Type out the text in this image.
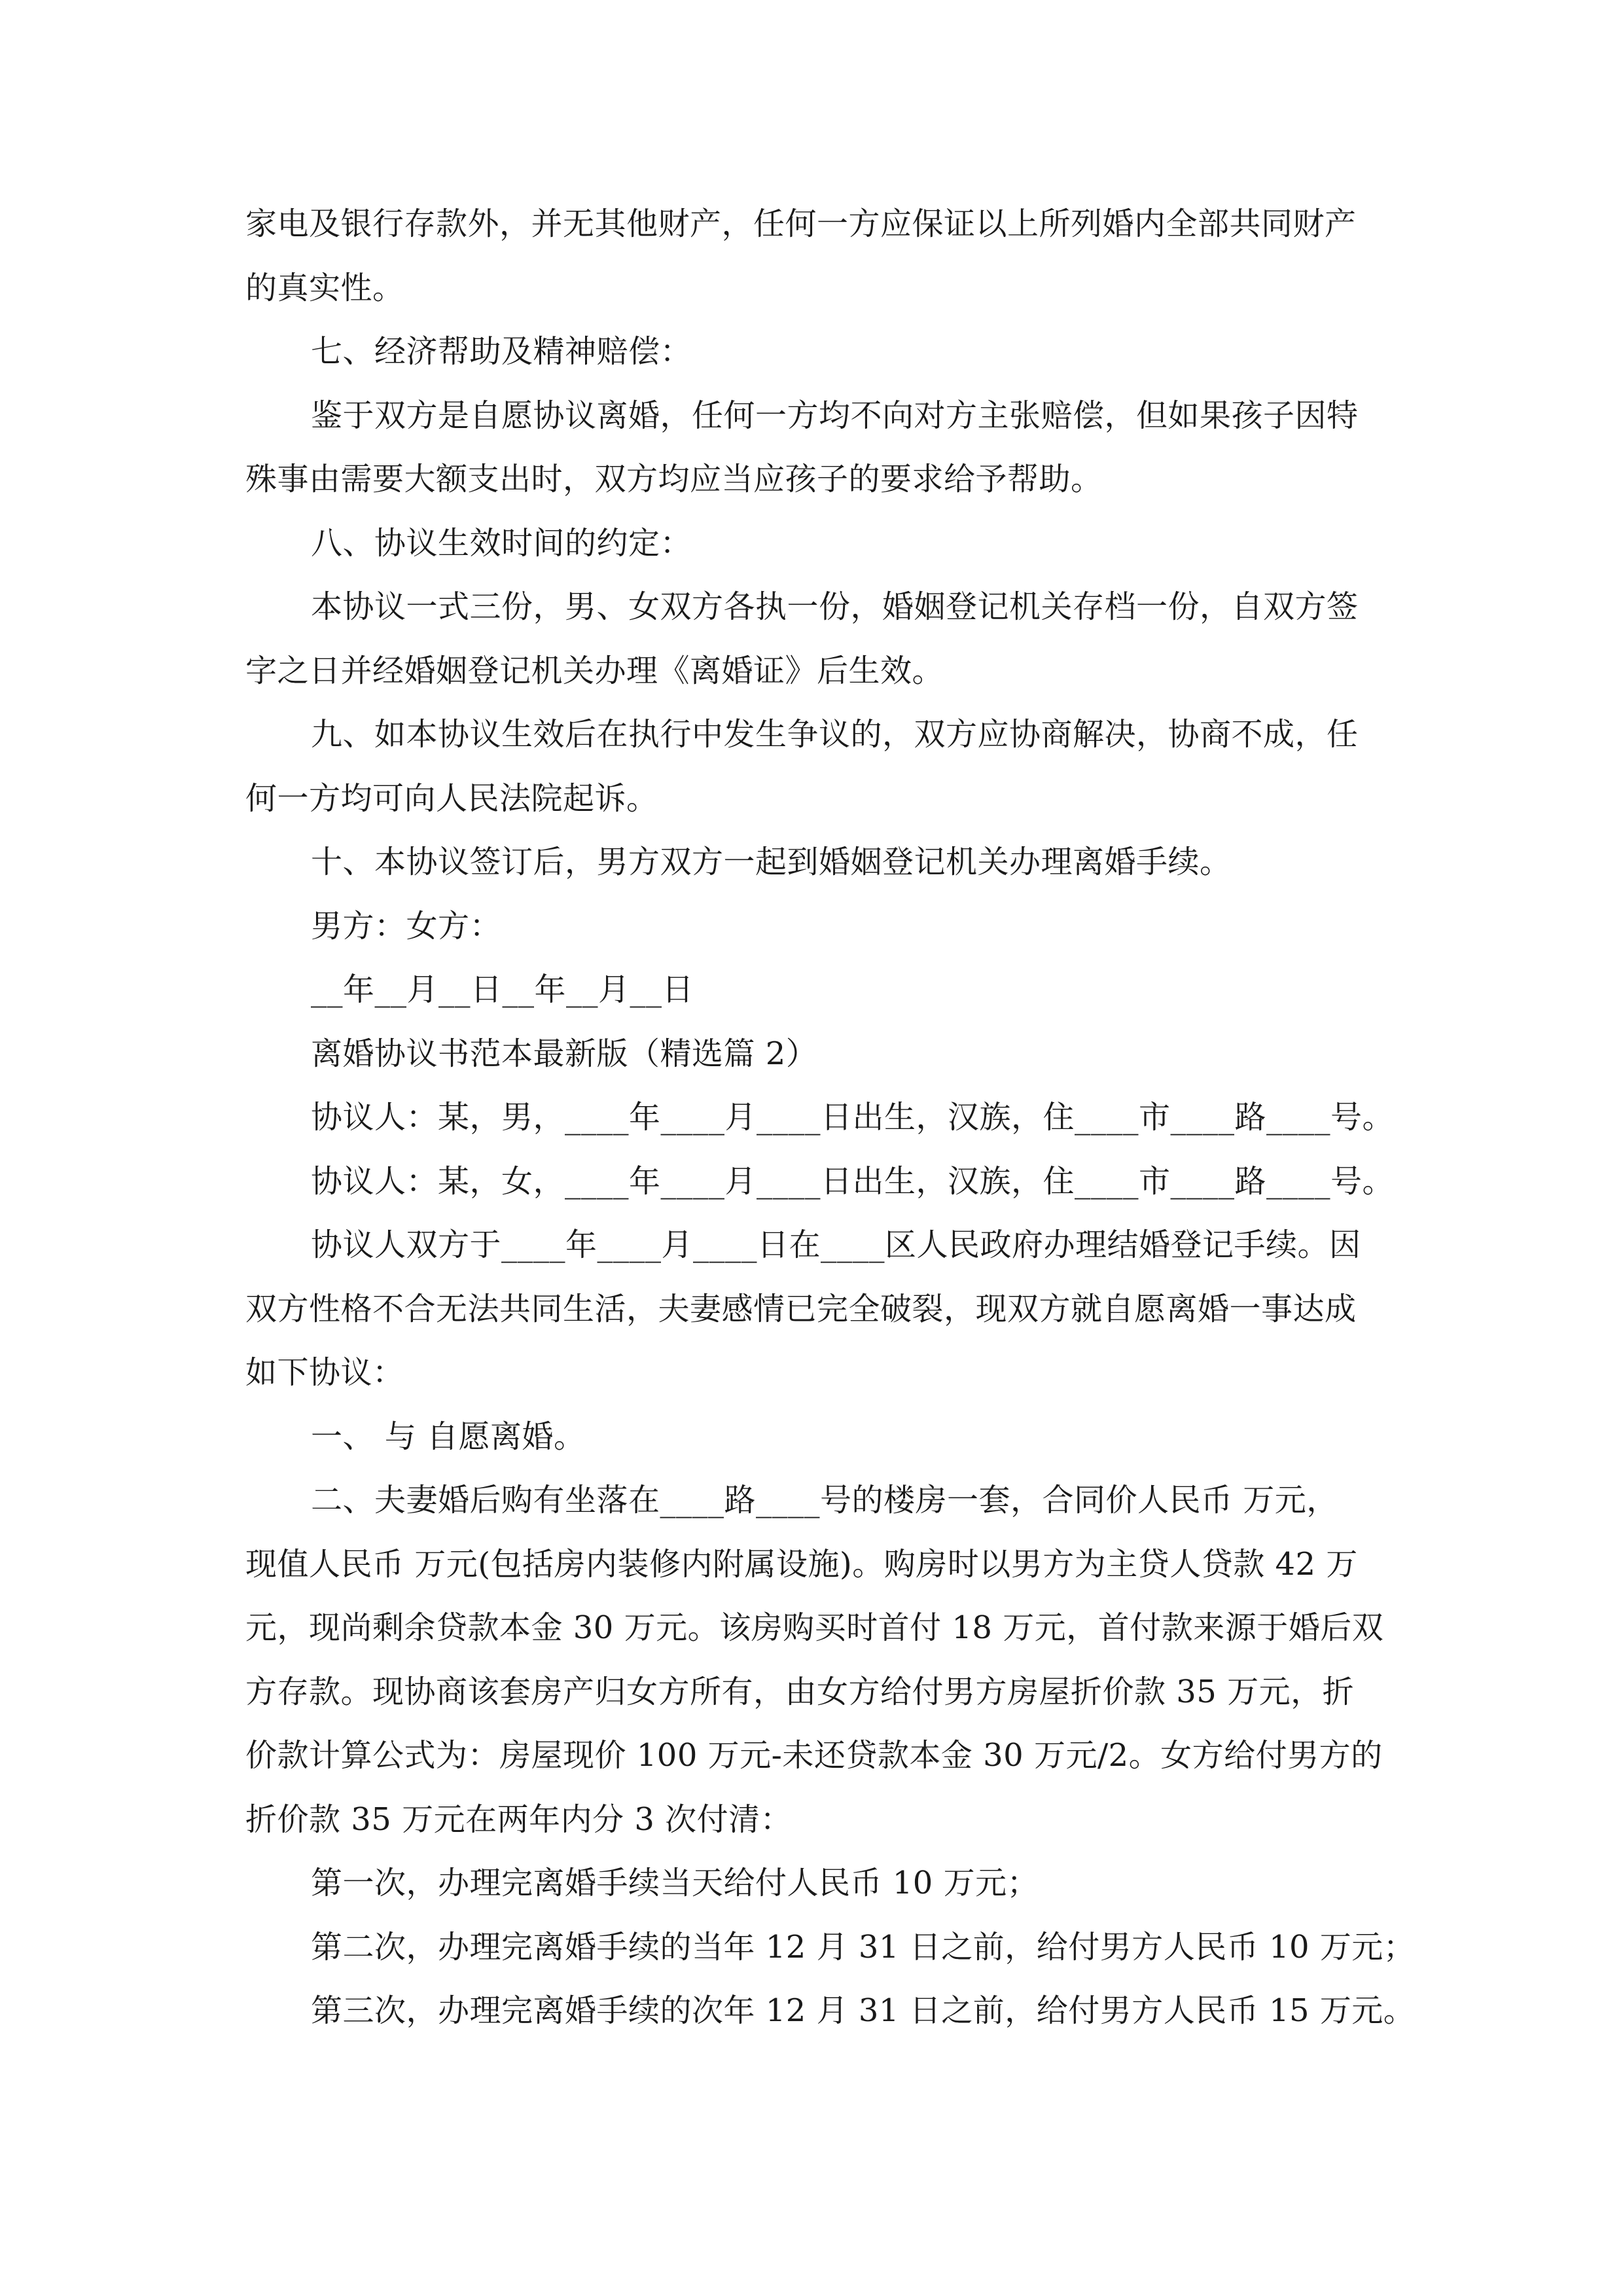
家电及银行存款外，并无其他财产，任何一方应保证以上所列婚内全部共同财产
的真实性。
七、经济帮助及精神赔偿：
鉴于双方是自愿协议离婚，任何一方均不向对方主张赔偿，但如果孩子因特
殊事由需要大额支出时，双方均应当应孩子的要求给予帮助。
八、协议生效时间的约定：
本协议一式三份，男、女双方各执一份，婚姻登记机关存档一份，自双方签
字之日并经婚姻登记机关办理《离婚证》后生效。
九、如本协议生效后在执行中发生争议的，双方应协商解决，协商不成，任
何一方均可向人民法院起诉。
十、本协议签订后，男方双方一起到婚姻登记机关办理离婚手续。
男方：女方：
__年__月__日__年__月__日
离婚协议书范本最新版（精选篇 2）
协议人：某，男，____年____月____日出生，汉族，住____市____路____号。
协议人：某，女，____年____月____日出生，汉族，住____市____路____号。
协议人双方于____年____月____日在____区人民政府办理结婚登记手续。因
双方性格不合无法共同生活，夫妻感情已完全破裂，现双方就自愿离婚一事达成
如下协议：
一、 与 自愿离婚。
二、夫妻婚后购有坐落在____路____号的楼房一套，合同价人民币 万元，
现值人民币 万元(包括房内装修内附属设施)。购房时以男方为主贷人贷款 42 万
元，现尚剩余贷款本金 30 万元。该房购买时首付 18 万元，首付款来源于婚后双
方存款。现协商该套房产归女方所有，由女方给付男方房屋折价款 35 万元，折
价款计算公式为：房屋现价 100 万元-未还贷款本金 30 万元/2。女方给付男方的
折价款 35 万元在两年内分 3 次付清：
第一次，办理完离婚手续当天给付人民币 10 万元；
第二次，办理完离婚手续的当年 12 月 31 日之前，给付男方人民币 10 万元；
第三次，办理完离婚手续的次年 12 月 31 日之前，给付男方人民币 15 万元。
